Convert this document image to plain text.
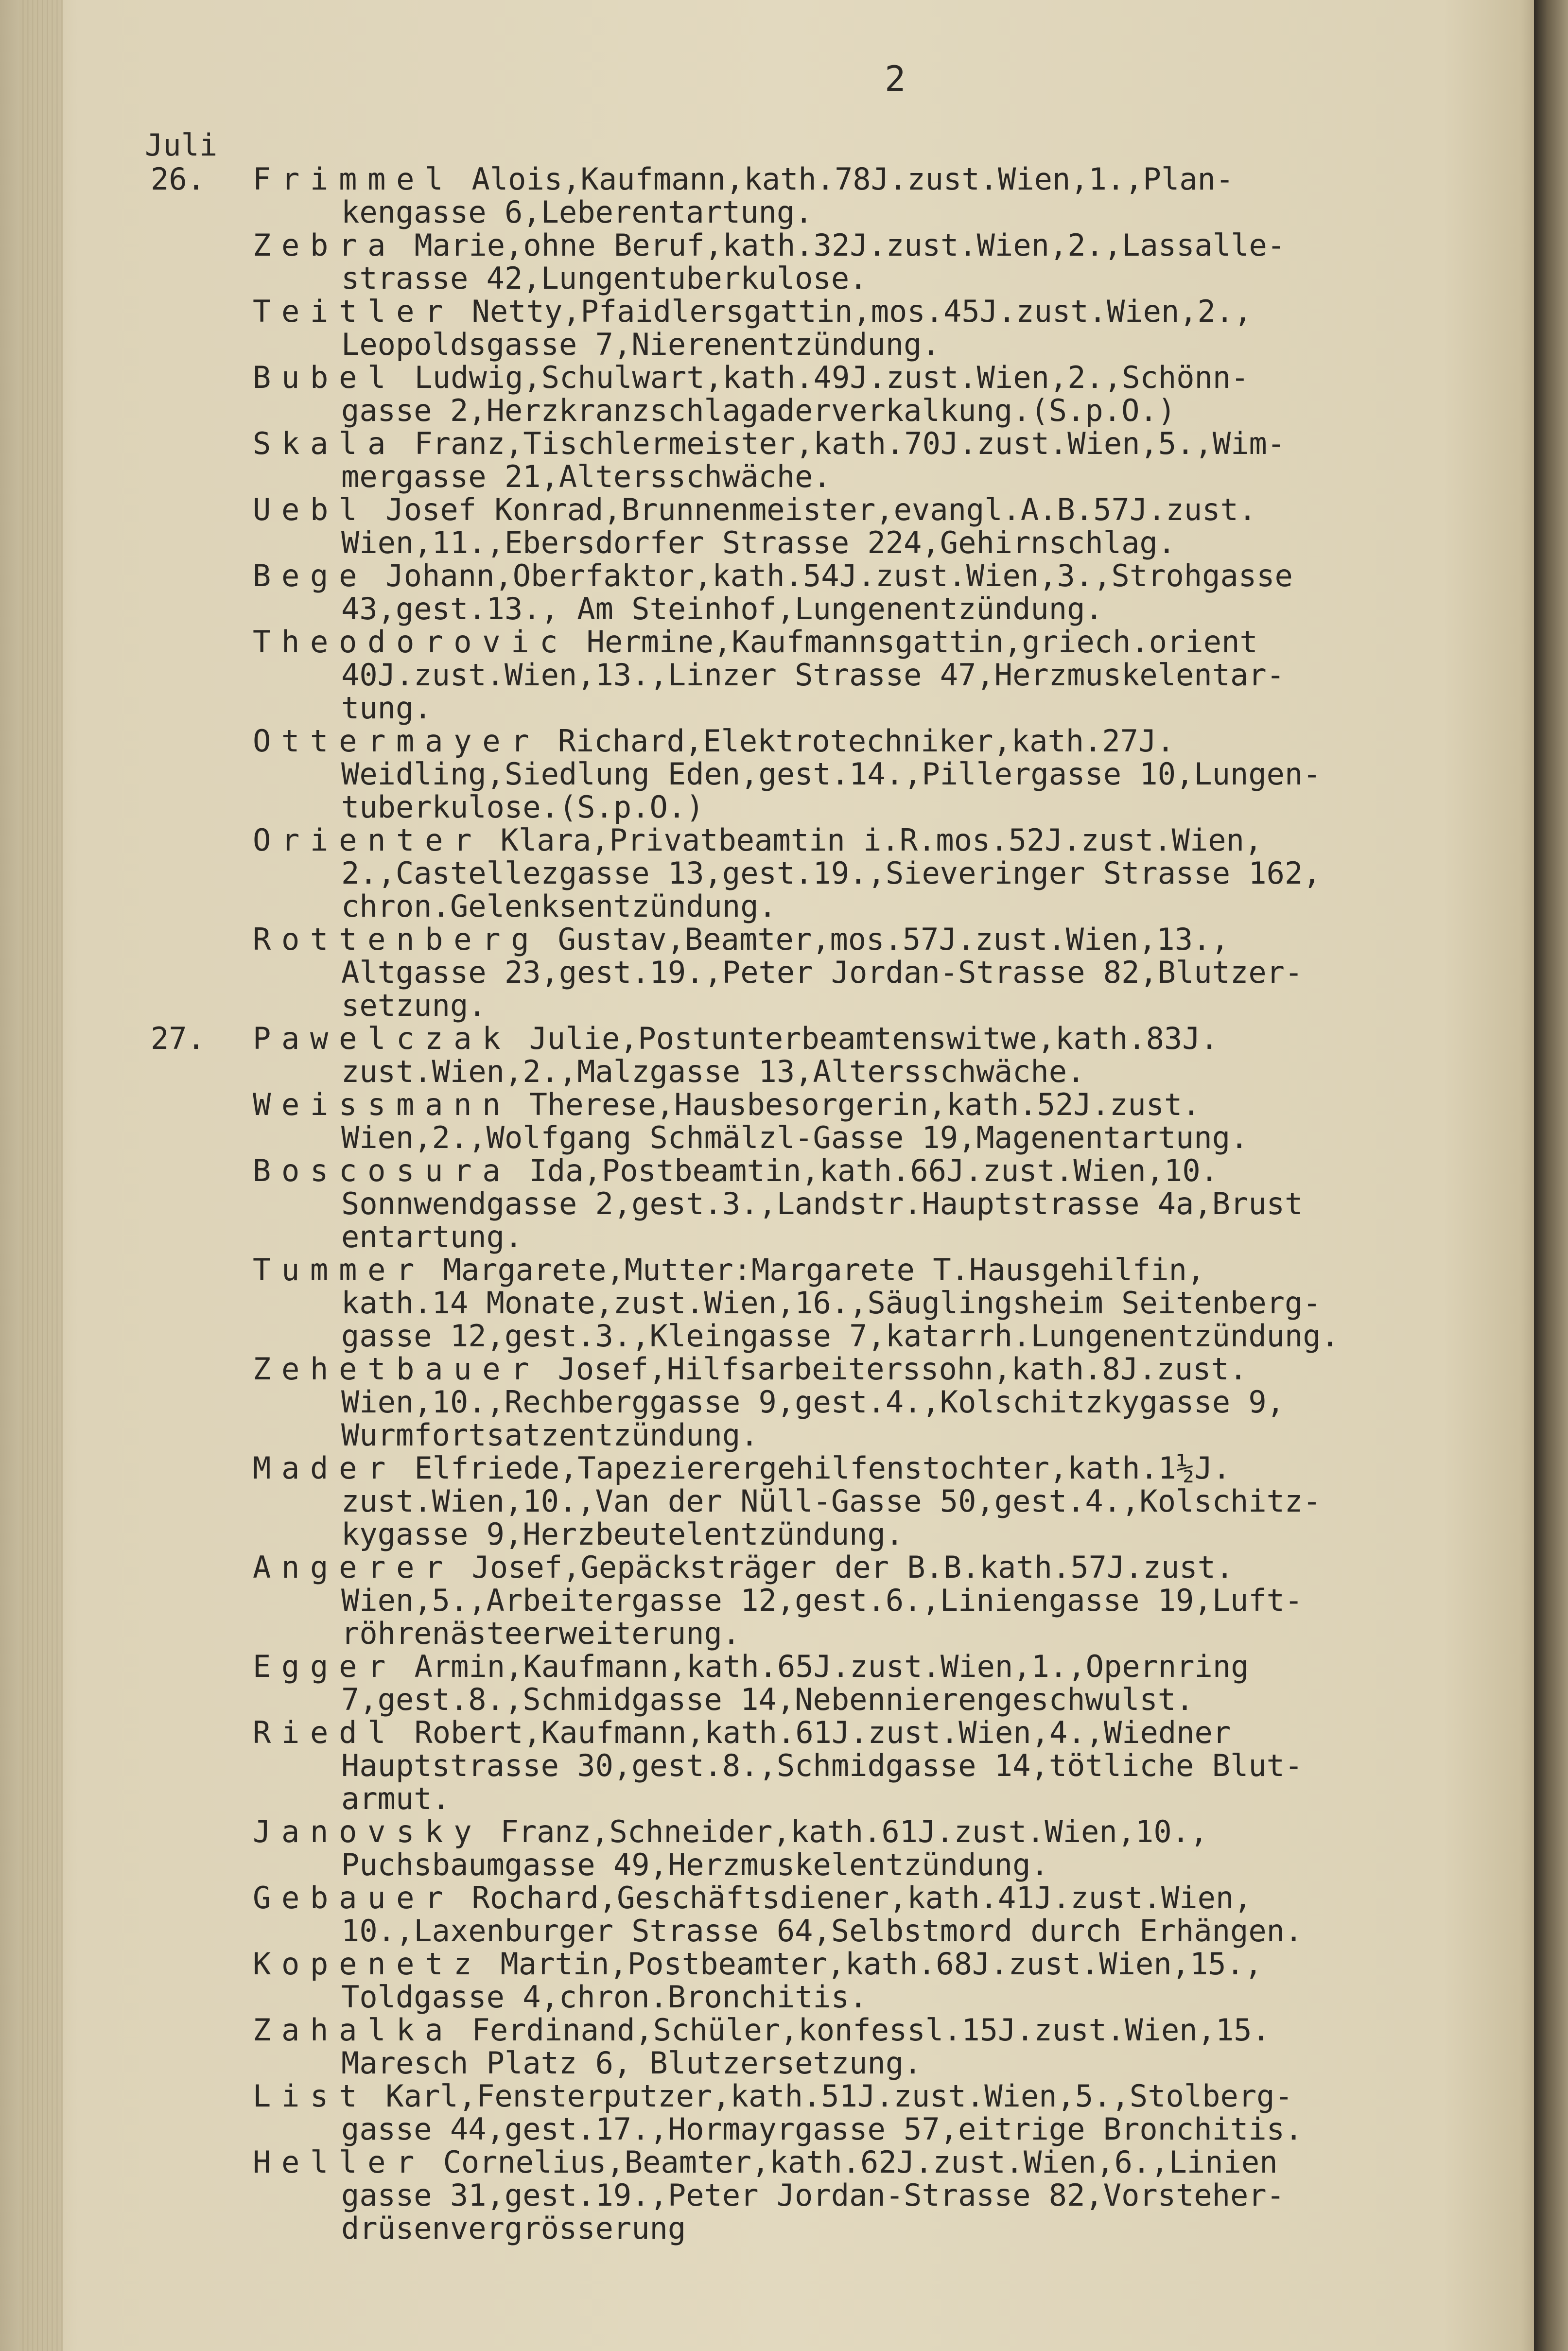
2
Juli
26. Frimmel Alois,Kaufmann,kath.78J.zust.Wien,1.,Plan-
kengasse 6,Leberentartung.
Zebra Marie,ohne Beruf,kath.32J.zust.Wien,2.,Lassalle-
strasse 42,Lungentuberkulose.
Teitler Netty,Pfaidlersgattin,mos.45J.zust.Wien,2.,
Leopoldsgasse 7,Nierenentzündung.
Bubel Ludwig,Schulwart,kath.49J.zust.Wien,2.,Schönn-
gasse 2,Herzkranzschlagaderverkalkung.(S.p.O.)
Skala Franz,Tischlermeister,kath.70J.zust.Wien,5.,Wim-
mergasse 21,Altersschwäche.
Uebl Josef Konrad,Brunnenmeister,evangl.A.B.57J.zust.
Wien,11.,Ebersdorfer Strasse 224,Gehirnschlag.
Bege Johann,Oberfaktor,kath.54J.zust.Wien,3.,Strohgasse
43,gest.13., Am Steinhof,Lungenentzündung.
Theodorovic Hermine,Kaufmannsgattin,griech.orient
40J.zust.Wien,13.,Linzer Strasse 47,Herzmuskelentar-
tung.
Ottermayer Richard,Elektrotechniker,kath.27J.
Weidling,Siedlung Eden,gest.14.,Pillergasse 10,Lungen-
tuberkulose.(S.p.O.)
Orienter Klara,Privatbeamtin i.R.mos.52J.zust.Wien,
2.,Castellezgasse 13,gest.19.,Sieveringer Strasse 162,
chron.Gelenksentzündung.
Rottenberg Gustav,Beamter,mos.57J.zust.Wien,13.,
Altgasse 23,gest.19.,Peter Jordan-Strasse 82,Blutzer-
setzung.
27. Pawelczak Julie,Postunterbeamtenswitwe,kath.83J.
zust.Wien,2.,Malzgasse 13,Altersschwäche.
Weissmann Therese,Hausbesorgerin,kath.52J.zust.
Wien,2.,Wolfgang Schmälzl-Gasse 19,Magenentartung.
Boscosura Ida,Postbeamtin,kath.66J.zust.Wien,10.
Sonnwendgasse 2,gest.3.,Landstr.Hauptstrasse 4a,Brust
entartung.
Tummer Margarete,Mutter:Margarete T.Hausgehilfin,
kath.14 Monate,zust.Wien,16.,Säuglingsheim Seitenberg-
gasse 12,gest.3.,Kleingasse 7,katarrh.Lungenentzündung.
Zehetbauer Josef,Hilfsarbeiterssohn,kath.8J.zust.
Wien,10.,Rechberggasse 9,gest.4.,Kolschitzkygasse 9,
Wurmfortsatzentzündung.
Mader Elfriede,Tapezierergehilfenstochter,kath.1½J.
zust.Wien,10.,Van der Nüll-Gasse 50,gest.4.,Kolschitz-
kygasse 9,Herzbeutelentzündung.
Angerer Josef,Gepäcksträger der B.B.kath.57J.zust.
Wien,5.,Arbeitergasse 12,gest.6.,Liniengasse 19,Luft-
röhrenästeerweiterung.
Egger Armin,Kaufmann,kath.65J.zust.Wien,1.,Opernring
7,gest.8.,Schmidgasse 14,Nebennierengeschwulst.
Riedl Robert,Kaufmann,kath.61J.zust.Wien,4.,Wiedner
Hauptstrasse 30,gest.8.,Schmidgasse 14,tötliche Blut-
armut.
Janovsky Franz,Schneider,kath.61J.zust.Wien,10.,
Puchsbaumgasse 49,Herzmuskelentzündung.
Gebauer Rochard,Geschäftsdiener,kath.41J.zust.Wien,
10.,Laxenburger Strasse 64,Selbstmord durch Erhängen.
Kopenetz Martin,Postbeamter,kath.68J.zust.Wien,15.,
Toldgasse 4,chron.Bronchitis.
Zahalka Ferdinand,Schüler,konfessl.15J.zust.Wien,15.
Maresch Platz 6, Blutzersetzung.
List Karl,Fensterputzer,kath.51J.zust.Wien,5.,Stolberg-
gasse 44,gest.17.,Hormayrgasse 57,eitrige Bronchitis.
Heller Cornelius,Beamter,kath.62J.zust.Wien,6.,Linien
gasse 31,gest.19.,Peter Jordan-Strasse 82,Vorsteher-
drüsenvergrösserung
